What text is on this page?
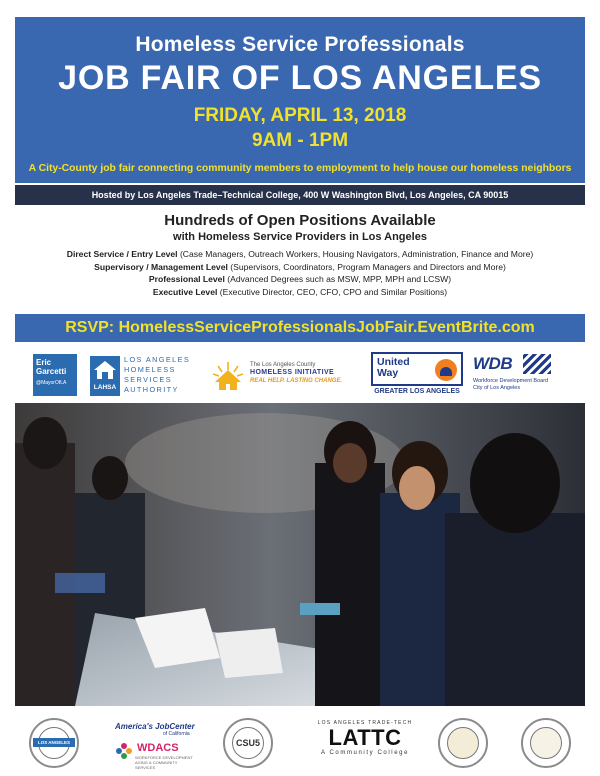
Homeless Service Professionals
JOB FAIR OF LOS ANGELES
FRIDAY, APRIL 13, 2018
9AM - 1PM
A City-County job fair connecting community members to employment to help house our homeless neighbors
Hosted by Los Angeles Trade–Technical College, 400 W Washington Blvd, Los Angeles, CA 90015
Hundreds of Open Positions Available
with Homeless Service Providers in Los Angeles
Direct Service / Entry Level (Case Managers, Outreach Workers, Housing Navigators, Administration, Finance and More)
Supervisory / Management Level (Supervisors, Coordinators, Program Managers and Directors and More)
Professional Level (Advanced Degrees such as MSW, MPP, MPH and LCSW)
Executive Level (Executive Director, CEO, CFO, CPO and Similar Positions)
RSVP: HomelessServiceProfessionalsJobFair.EventBrite.com
Eric Garcetti
@MayorOfLA
LAHSA
LOS ANGELES
HOMELESS
SERVICES
AUTHORITY
The Los Angeles County
HOMELESS INITIATIVE
REAL HELP. LASTING CHANGE.
United
Way
GREATER LOS ANGELES
WDB
Workforce Development Board
City of Los Angeles
LOS ANGELES
America's JobCenter
of California
WDACS
WORKFORCE DEVELOPMENT
AGING & COMMUNITY SERVICES
CSU5
LOS ANGELES TRADE-TECH
LATTC
A Community College
